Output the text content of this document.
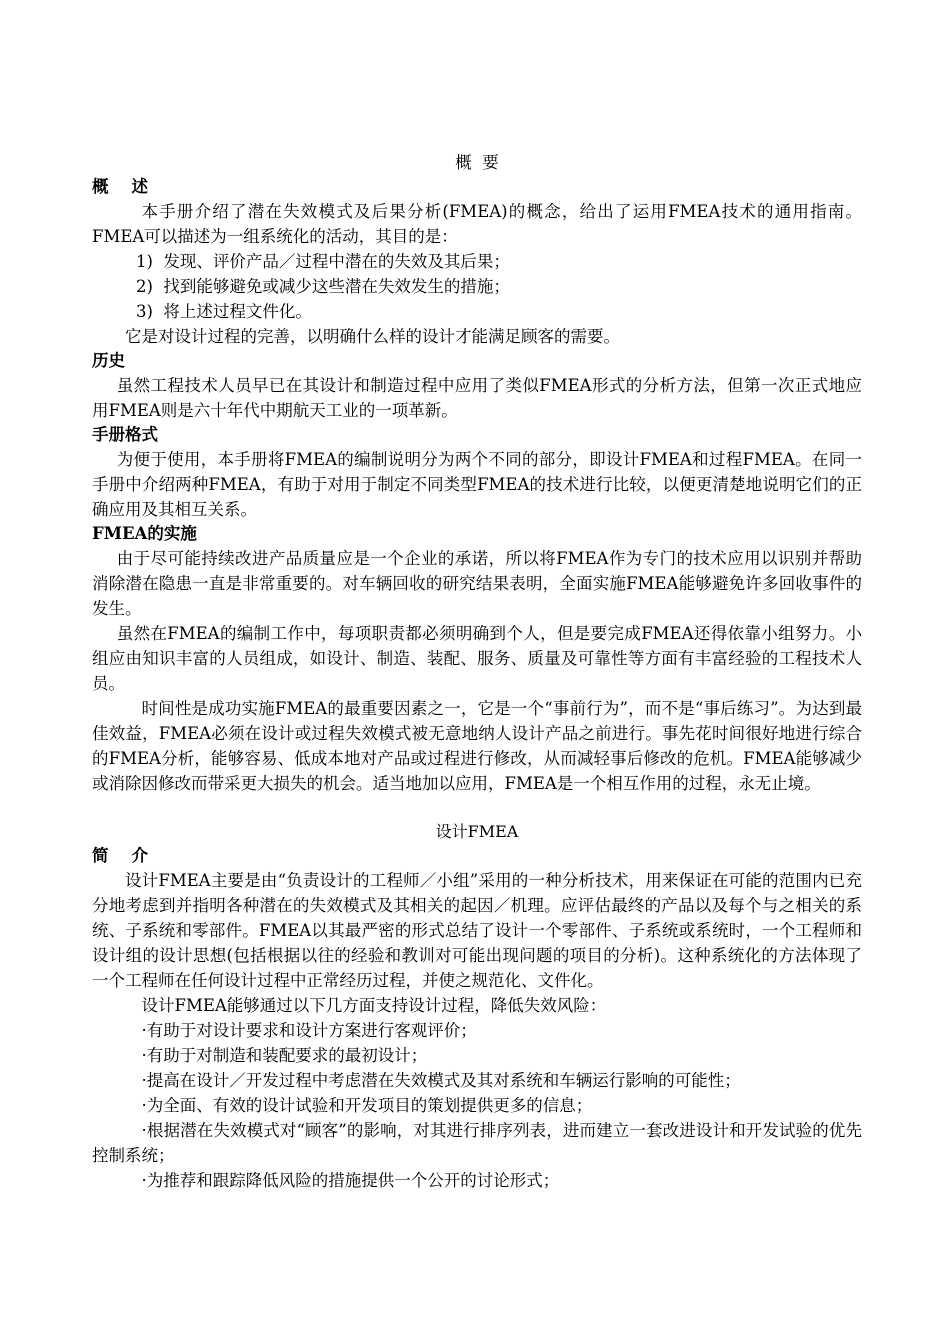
概  要

概    述

本手册介绍了潜在失效模式及后果分析(FMEA)的概念，给出了运用FMEA技术的通用指南。FMEA可以描述为一组系统化的活动，其目的是：

1)  发现、评价产品／过程中潜在的失效及其后果；

2)  找到能够避免或减少这些潜在失效发生的措施；

3)  将上述过程文件化。

它是对设计过程的完善，以明确什么样的设计才能满足顾客的需要。

历史

虽然工程技术人员早已在其设计和制造过程中应用了类似FMEA形式的分析方法，但第一次正式地应用FMEA则是六十年代中期航天工业的一项革新。

手册格式

为便于使用，本手册将FMEA的编制说明分为两个不同的部分，即设计FMEA和过程FMEA。在同一手册中介绍两种FMEA，有助于对用于制定不同类型FMEA的技术进行比较，以便更清楚地说明它们的正确应用及其相互关系。

FMEA的实施

由于尽可能持续改进产品质量应是一个企业的承诺，所以将FMEA作为专门的技术应用以识别并帮助消除潜在隐患一直是非常重要的。对车辆回收的研究结果表明，全面实施FMEA能够避免许多回收事件的发生。

虽然在FMEA的编制工作中，每项职责都必须明确到个人，但是要完成FMEA还得依靠小组努力。小组应由知识丰富的人员组成，如设计、制造、装配、服务、质量及可靠性等方面有丰富经验的工程技术人员。

时间性是成功实施FMEA的最重要因素之一，它是一个“事前行为”，而不是“事后练习”。为达到最佳效益，FMEA必须在设计或过程失效模式被无意地纳人设计产品之前进行。事先花时间很好地进行综合的FMEA分析，能够容易、低成本地对产品或过程进行修改，从而减轻事后修改的危机。FMEA能够减少或消除因修改而带采更大损失的机会。适当地加以应用，FMEA是一个相互作用的过程，永无止境。

设计FMEA

简    介

设计FMEA主要是由“负责设计的工程师／小组”采用的一种分析技术，用来保证在可能的范围内已充分地考虑到并指明各种潜在的失效模式及其相关的起因／机理。应评估最终的产品以及每个与之相关的系统、子系统和零部件。FMEA以其最严密的形式总结了设计一个零部件、子系统或系统时，一个工程师和设计组的设计思想(包括根据以往的经验和教训对可能出现问题的项目的分析)。这种系统化的方法体现了一个工程师在任何设计过程中正常经历过程，并使之规范化、文件化。

设计FMEA能够通过以下几方面支持设计过程，降低失效风险：

·有助于对设计要求和设计方案进行客观评价；

·有助于对制造和装配要求的最初设计；

·提高在设计／开发过程中考虑潜在失效模式及其对系统和车辆运行影响的可能性；

·为全面、有效的设计试验和开发项目的策划提供更多的信息；

·根据潜在失效模式对“顾客”的影响，对其进行排序列表，进而建立一套改进设计和开发试验的优先控制系统；

·为推荐和跟踪降低风险的措施提供一个公开的讨论形式；
